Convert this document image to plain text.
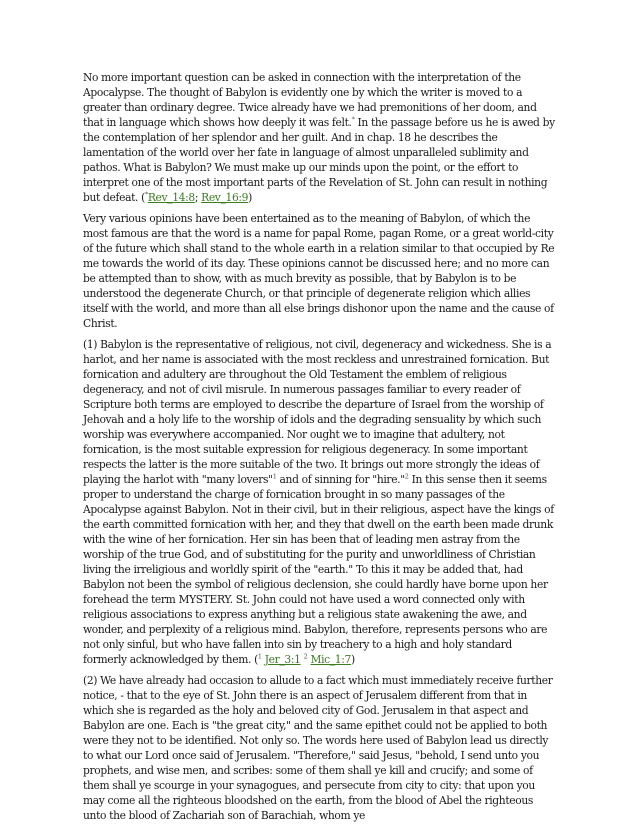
No more important question can be asked in connection with the interpretation of the Apocalypse. The thought of Babylon is evidently one by which the writer is moved to a greater than ordinary degree. Twice already have we had premonitions of her doom, and that in language which shows how deeply it was felt.* In the passage before us he is awed by the contemplation of her splendor and her guilt. And in chap. 18 he describes the lamentation of the world over her fate in language of almost unparalleled sublimity and pathos. What is Babylon? We must make up our minds upon the point, or the effort to interpret one of the most important parts of the Revelation of St. John can result in nothing but defeat. (*Rev_14:8; Rev_16:9)

Very various opinions have been entertained as to the meaning of Babylon, of which the most famous are that the word is a name for papal Rome, pagan Rome, or a great world-city of the future which shall stand to the whole earth in a relation similar to that occupied by Re me towards the world of its day. These opinions cannot be discussed here; and no more can be attempted than to show, with as much brevity as possible, that by Babylon is to be understood the degenerate Church, or that principle of degenerate religion which allies itself with the world, and more than all else brings dishonor upon the name and the cause of Christ.

(1) Babylon is the representative of religious, not civil, degeneracy and wickedness. She is a harlot, and her name is associated with the most reckless and unrestrained fornication. But fornication and adultery are throughout the Old Testament the emblem of religious degeneracy, and not of civil misrule. In numerous passages familiar to every reader of Scripture both terms are employed to describe the departure of Israel from the worship of Jehovah and a holy life to the worship of idols and the degrading sensuality by which such worship was everywhere accompanied. Nor ought we to imagine that adultery, not fornication, is the most suitable expression for religious degeneracy. In some important respects the latter is the more suitable of the two. It brings out more strongly the ideas of playing the harlot with "many lovers"$^1$ and of sinning for "hire."$^2$ In this sense then it seems proper to understand the charge of fornication brought in so many passages of the Apocalypse against Babylon. Not in their civil, but in their religious, aspect have the kings of the earth committed fornication with her, and they that dwell on the earth been made drunk with the wine of her fornication. Her sin has been that of leading men astray from the worship of the true God, and of substituting for the purity and unworldliness of Christian living the irreligious and worldly spirit of the "earth." To this it may be added that, had Babylon not been the symbol of religious declension, she could hardly have borne upon her forehead the term MYSTERY. St. John could not have used a word connected only with religious associations to express anything but a religious state awakening the awe, and wonder, and perplexity of a religious mind. Babylon, therefore, represents persons who are not only sinful, but who have fallen into sin by treachery to a high and holy standard formerly acknowledged by them. ($^1$ Jer_3:1 $^2$ Mic_1:7)

(2) We have already had occasion to allude to a fact which must immediately receive further notice, - that to the eye of St. John there is an aspect of Jerusalem different from that in which she is regarded as the holy and beloved city of God. Jerusalem in that aspect and Babylon are one. Each is "the great city," and the same epithet could not be applied to both were they not to be identified. Not only so. The words here used of Babylon lead us directly to what our Lord once said of Jerusalem. "Therefore," said Jesus, "behold, I send unto you prophets, and wise men, and scribes: some of them shall ye kill and crucify; and some of them shall ye scourge in your synagogues, and persecute from city to city: that upon you may come all the righteous bloodshed on the earth, from the blood of Abel the righteous unto the blood of Zachariah son of Barachiah, whom ye
